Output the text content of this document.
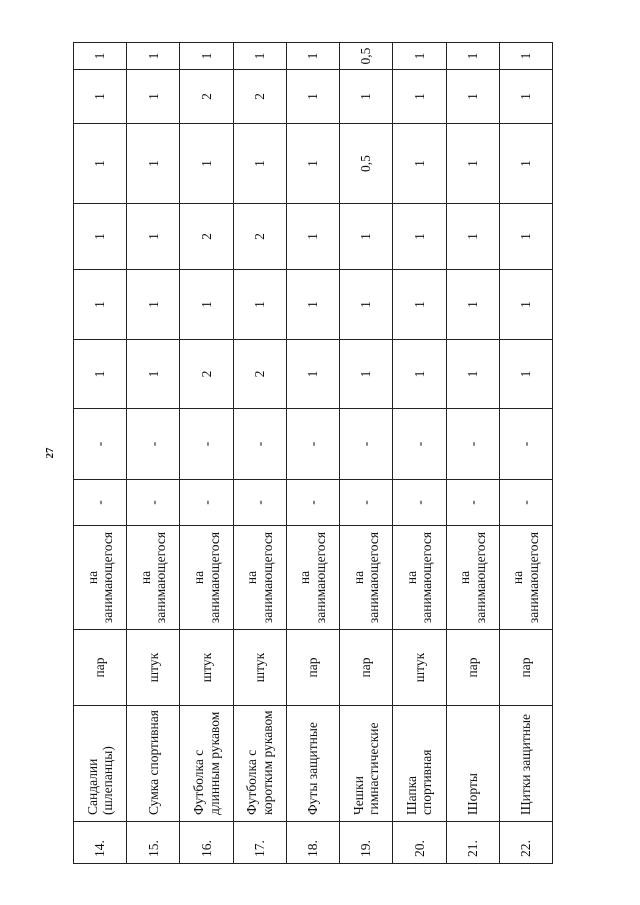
27
14.	Сандалии (шлепанцы)	пар	на занимающегося	-	-	1	1	1	1	1	1
15.	Сумка спортивная	штук	на занимающегося	-	-	1	1	1	1	1	1
16.	Футболка с длинным рукавом	штук	на занимающегося	-	-	2	1	2	1	2	1
17.	Футболка с коротким рукавом	штук	на занимающегося	-	-	2	1	2	1	2	1
18.	Футы защитные	пар	на занимающегося	-	-	1	1	1	1	1	1
19.	Чешки гимнастические	пар	на занимающегося	-	-	1	1	1	0,5	1	0,5
20.	Шапка спортивная	штук	на занимающегося	-	-	1	1	1	1	1	1
21.	Шорты	пар	на занимающегося	-	-	1	1	1	1	1	1
22.	Щитки защитные	пар	на занимающегося	-	-	1	1	1	1	1	1
